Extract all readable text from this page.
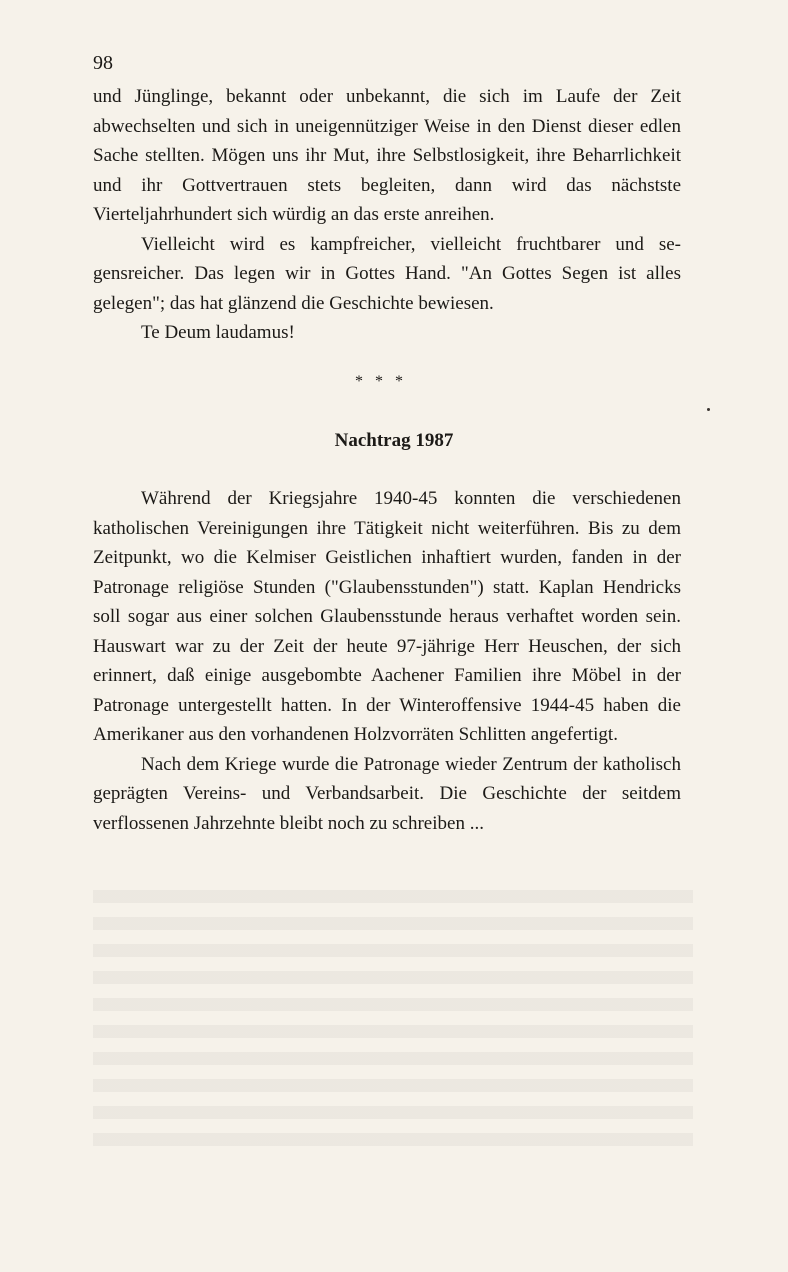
98

und Jünglinge, bekannt oder unbekannt, die sich im Laufe der Zeit abwechselten und sich in uneigennütziger Weise in den Dienst dieser edlen Sache stellten. Mögen uns ihr Mut, ihre Selbstlosigkeit, ihre Beharrlichkeit und ihr Gottvertrauen stets begleiten, dann wird das nächstste Vierteljahrhundert sich würdig an das erste anreihen.

Vielleicht wird es kampfreicher, vielleicht fruchtbarer und segensreicher. Das legen wir in Gottes Hand. "An Gottes Segen ist alles gelegen"; das hat glänzend die Geschichte bewiesen.

Te Deum laudamus!

* * *
Nachtrag 1987

Während der Kriegsjahre 1940-45 konnten die verschiedenen katholischen Vereinigungen ihre Tätigkeit nicht weiterführen. Bis zu dem Zeitpunkt, wo die Kelmiser Geistlichen inhaftiert wurden, fanden in der Patronage religiöse Stunden ("Glaubensstunden") statt. Kaplan Hendricks soll sogar aus einer solchen Glaubensstunde heraus verhaftet worden sein. Hauswart war zu der Zeit der heute 97-jährige Herr Heuschen, der sich erinnert, daß einige ausgebombte Aachener Familien ihre Möbel in der Patronage untergestellt hatten. In der Winteroffensive 1944-45 haben die Amerikaner aus den vorhandenen Holzvorräten Schlitten angefertigt.

Nach dem Kriege wurde die Patronage wieder Zentrum der katholisch geprägten Vereins- und Verbandsarbeit. Die Geschichte der seitdem verflossenen Jahrzehnte bleibt noch zu schreiben ...
